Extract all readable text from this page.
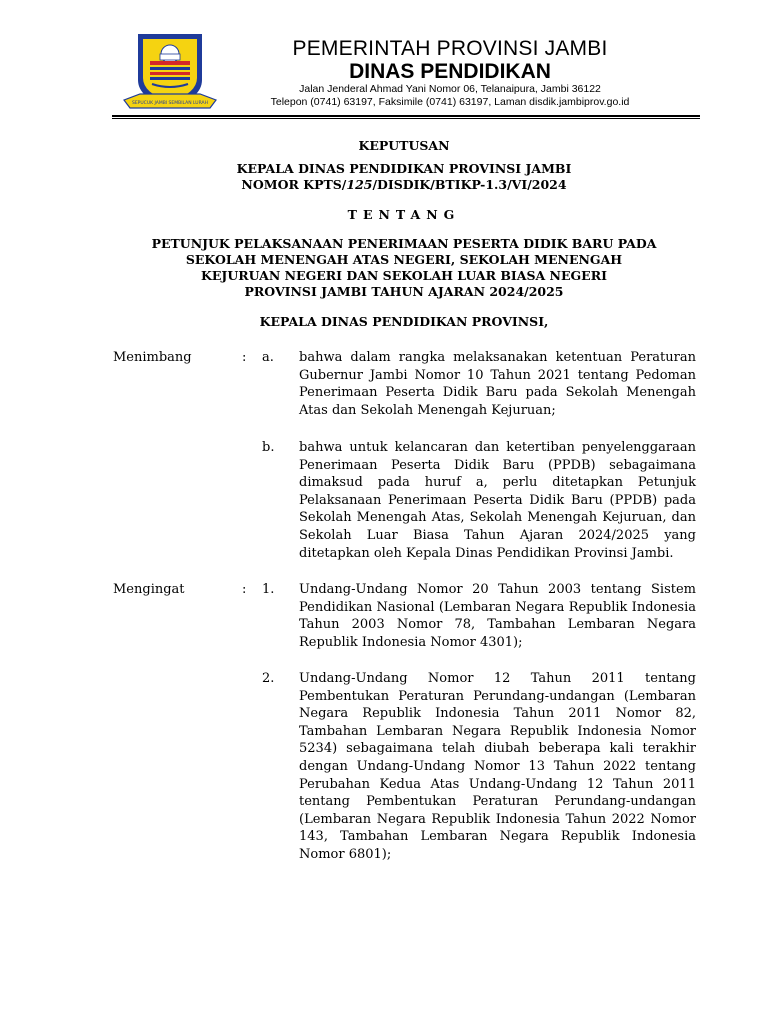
SEPUCUK JAMBI SEMBILAN LURAH
PEMERINTAH PROVINSI JAMBI
DINAS PENDIDIKAN
Jalan Jenderal Ahmad Yani Nomor 06, Telanaipura, Jambi 36122
Telepon (0741) 63197, Faksimile (0741) 63197, Laman disdik.jambiprov.go.id
KEPUTUSAN
KEPALA DINAS PENDIDIKAN PROVINSI JAMBI
NOMOR KPTS/125/DISDIK/BTIKP-1.3/VI/2024
TENTANG
PETUNJUK PELAKSANAAN PENERIMAAN PESERTA DIDIK BARU PADA
SEKOLAH MENENGAH ATAS NEGERI, SEKOLAH MENENGAH
KEJURUAN NEGERI DAN SEKOLAH LUAR BIASA NEGERI
PROVINSI JAMBI TAHUN AJARAN 2024/2025
KEPALA DINAS PENDIDIKAN PROVINSI,
Menimbang	: a. bahwa dalam rangka melaksanakan ketentuan Peraturan Gubernur Jambi Nomor 10 Tahun 2021 tentang Pedoman Penerimaan Peserta Didik Baru pada Sekolah Menengah Atas dan Sekolah Menengah Kejuruan;
b. bahwa untuk kelancaran dan ketertiban penyelenggaraan Penerimaan Peserta Didik Baru (PPDB) sebagaimana dimaksud pada huruf a, perlu ditetapkan Petunjuk Pelaksanaan Penerimaan Peserta Didik Baru (PPDB) pada Sekolah Menengah Atas, Sekolah Menengah Kejuruan, dan Sekolah Luar Biasa Tahun Ajaran 2024/2025 yang ditetapkan oleh Kepala Dinas Pendidikan Provinsi Jambi.
Mengingat	: 1. Undang-Undang Nomor 20 Tahun 2003 tentang Sistem Pendidikan Nasional (Lembaran Negara Republik Indonesia Tahun 2003 Nomor 78, Tambahan Lembaran Negara Republik Indonesia Nomor 4301);
2. Undang-Undang Nomor 12 Tahun 2011 tentang Pembentukan Peraturan Perundang-undangan (Lembaran Negara Republik Indonesia Tahun 2011 Nomor 82, Tambahan Lembaran Negara Republik Indonesia Nomor 5234) sebagaimana telah diubah beberapa kali terakhir dengan Undang-Undang Nomor 13 Tahun 2022 tentang Perubahan Kedua Atas Undang-Undang 12 Tahun 2011 tentang Pembentukan Peraturan Perundang-undangan (Lembaran Negara Republik Indonesia Tahun 2022 Nomor 143, Tambahan Lembaran Negara Republik Indonesia Nomor 6801);
